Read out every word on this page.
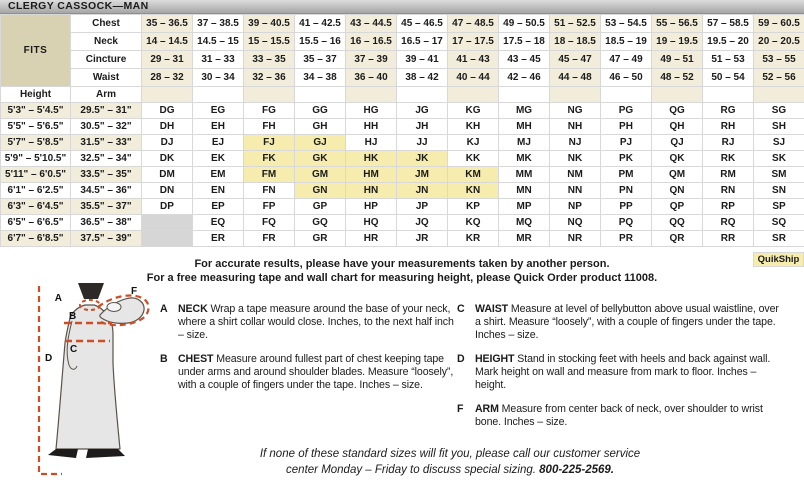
CLERGY CASSOCK—MAN
FITS	Chest	35 – 36.5	37 – 38.5	39 – 40.5	41 – 42.5	43 – 44.5	45 – 46.5	47 – 48.5	49 – 50.5	51 – 52.5	53 – 54.5	55 – 56.5	57 – 58.5	59 – 60.5
	Neck	14 – 14.5	14.5 – 15	15 – 15.5	15.5 – 16	16 – 16.5	16.5 – 17	17 – 17.5	17.5 – 18	18 – 18.5	18.5 – 19	19 – 19.5	19.5 – 20	20 – 20.5
	Cincture	29 – 31	31 – 33	33 – 35	35 – 37	37 – 39	39 – 41	41 – 43	43 – 45	45 – 47	47 – 49	49 – 51	51 – 53	53 – 55
	Waist	28 – 32	30 – 34	32 – 36	34 – 38	36 – 40	38 – 42	40 – 44	42 – 46	44 – 48	46 – 50	48 – 52	50 – 54	52 – 56
Height	Arm													
5'3" – 5'4.5"	29.5" – 31"	DG	EG	FG	GG	HG	JG	KG	MG	NG	PG	QG	RG	SG
5'5" – 5'6.5"	30.5" – 32"	DH	EH	FH	GH	HH	JH	KH	MH	NH	PH	QH	RH	SH
5'7" – 5'8.5"	31.5" – 33"	DJ	EJ	FJ	GJ	HJ	JJ	KJ	MJ	NJ	PJ	QJ	RJ	SJ
5'9" – 5'10.5"	32.5" – 34"	DK	EK	FK	GK	HK	JK	KK	MK	NK	PK	QK	RK	SK
5'11" – 6'0.5"	33.5" – 35"	DM	EM	FM	GM	HM	JM	KM	MM	NM	PM	QM	RM	SM
6'1" – 6'2.5"	34.5" – 36"	DN	EN	FN	GN	HN	JN	KN	MN	NN	PN	QN	RN	SN
6'3" – 6'4.5"	35.5" – 37"	DP	EP	FP	GP	HP	JP	KP	MP	NP	PP	QP	RP	SP
6'5" – 6'6.5"	36.5" – 38"		EQ	FQ	GQ	HQ	JQ	KQ	MQ	NQ	PQ	QQ	RQ	SQ
6'7" – 6'8.5"	37.5" – 39"		ER	FR	GR	HR	JR	KR	MR	NR	PR	QR	RR	SR
QuikShip
For accurate results, please have your measurements taken by another person.
For a free measuring tape and wall chart for measuring height, please Quick Order product 11008.
A
B
C
D
F
A NECK Wrap a tape measure around the base of your neck, where a shirt collar would close. Inches, to the next half inch – size.
B CHEST Measure around fullest part of chest keeping tape under arms and around shoulder blades. Measure “loosely”, with a couple of fingers under the tape. Inches – size.
C WAIST Measure at level of bellybutton above usual waistline, over a shirt. Measure “loosely”, with a couple of fingers under the tape. Inches – size.
D HEIGHT Stand in stocking feet with heels and back against wall. Mark height on wall and measure from mark to floor. Inches – height.
F	ARM Measure from center back of neck, over shoulder to wrist bone. Inches – size.
If none of these standard sizes will fit you, please call our customer service
center Monday – Friday to discuss special sizing. 800-225-2569.
